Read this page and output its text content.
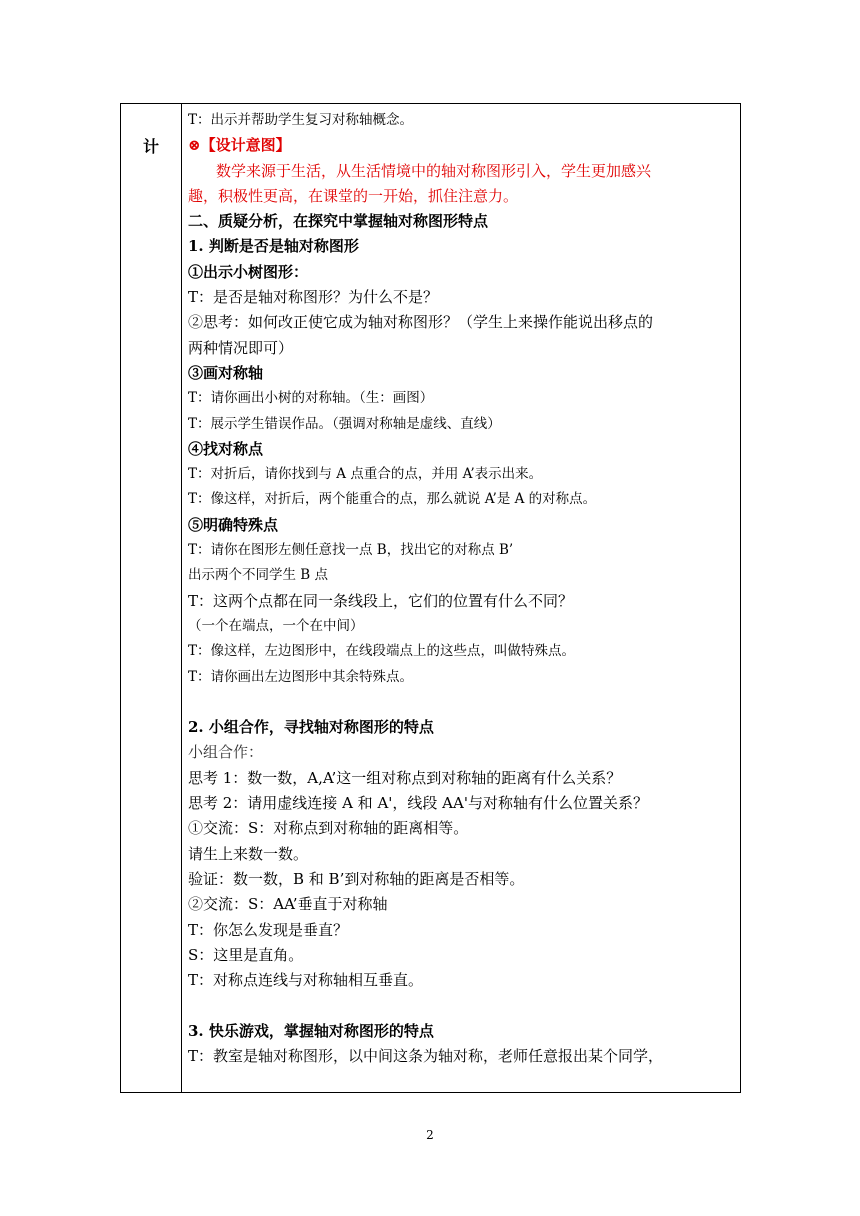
计
T：出示并帮助学生复习对称轴概念。
⊗【设计意图】
数学来源于生活，从生活情境中的轴对称图形引入，学生更加感兴
趣，积极性更高，在课堂的一开始，抓住注意力。
二、质疑分析，在探究中掌握轴对称图形特点
1. 判断是否是轴对称图形
①出示小树图形：
T：是否是轴对称图形？为什么不是？
②思考：如何改正使它成为轴对称图形？（学生上来操作能说出移点的
两种情况即可）
③画对称轴
T：请你画出小树的对称轴。（生：画图）
T：展示学生错误作品。（强调对称轴是虚线、直线）
④找对称点
T：对折后，请你找到与 A 点重合的点，并用 A’表示出来。
T：像这样，对折后，两个能重合的点，那么就说 A’是 A 的对称点。
⑤明确特殊点
T：请你在图形左侧任意找一点 B，找出它的对称点 B’
出示两个不同学生 B 点
T：这两个点都在同一条线段上，它们的位置有什么不同？
（一个在端点，一个在中间）
T：像这样，左边图形中，在线段端点上的这些点，叫做特殊点。
T：请你画出左边图形中其余特殊点。
2. 小组合作，寻找轴对称图形的特点
小组合作：
思考 1：数一数，A,A’这一组对称点到对称轴的距离有什么关系？
思考 2：请用虚线连接 A 和 A'，线段 AA'与对称轴有什么位置关系？
①交流：S：对称点到对称轴的距离相等。
请生上来数一数。
验证：数一数，B 和 B’到对称轴的距离是否相等。
②交流：S：AA’垂直于对称轴
T：你怎么发现是垂直？
S：这里是直角。
T：对称点连线与对称轴相互垂直。
3. 快乐游戏，掌握轴对称图形的特点
T：教室是轴对称图形，以中间这条为轴对称，老师任意报出某个同学，
2
